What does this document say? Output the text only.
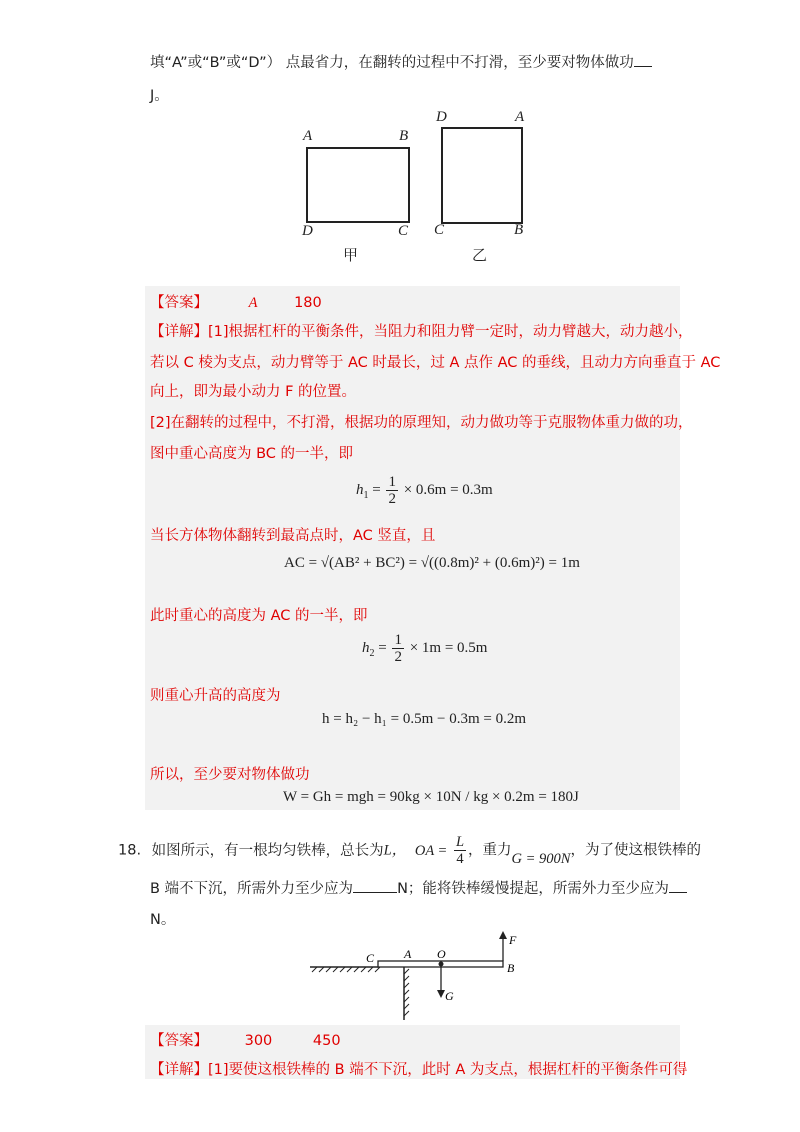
填“A”或“B”或“D”） 点最省力，在翻转的过程中不打滑，至少要对物体做功
J。
A	B
D	C
甲
D	A
C	B
乙
【答案】	A	180
【详解】[1]根据杠杆的平衡条件，当阻力和阻力臂一定时，动力臂越大，动力越小，
若以 C 棱为支点，动力臂等于 AC 时最长，过 A 点作 AC 的垂线，且动力方向垂直于 AC
向上，即为最小动力 F 的位置。
[2]在翻转的过程中，不打滑，根据功的原理知，动力做功等于克服物体重力做的功，
图中重心高度为 BC 的一半，即
$h_1 = \frac{1}{2} \times 0.6m = 0.3m$
当长方体物体翻转到最高点时，AC 竖直，且
AC = √(AB² + BC²) = √((0.8m)² + (0.6m)²) = 1m
此时重心的高度为 AC 的一半，即
$h_2 = \frac{1}{2} \times 1m = 0.5m$
则重心升高的高度为
h = h₂ − h₁ = 0.5m − 0.3m = 0.2m
所以，至少要对物体做功
W = Gh = mgh = 90kg × 10N / kg × 0.2m = 180J
18. 如图所示，有一根均匀铁棒，总长为L， OA = $\frac{L}{4}$ ，重力G = 900N，为了使这根铁棒的
B 端不下沉，所需外力至少应为	N；能将铁棒缓慢提起，所需外力至少应为
N。
C A O
B
F
G
【答案】	300	450
【详解】[1]要使这根铁棒的 B 端不下沉，此时 A 为支点，根据杠杆的平衡条件可得
